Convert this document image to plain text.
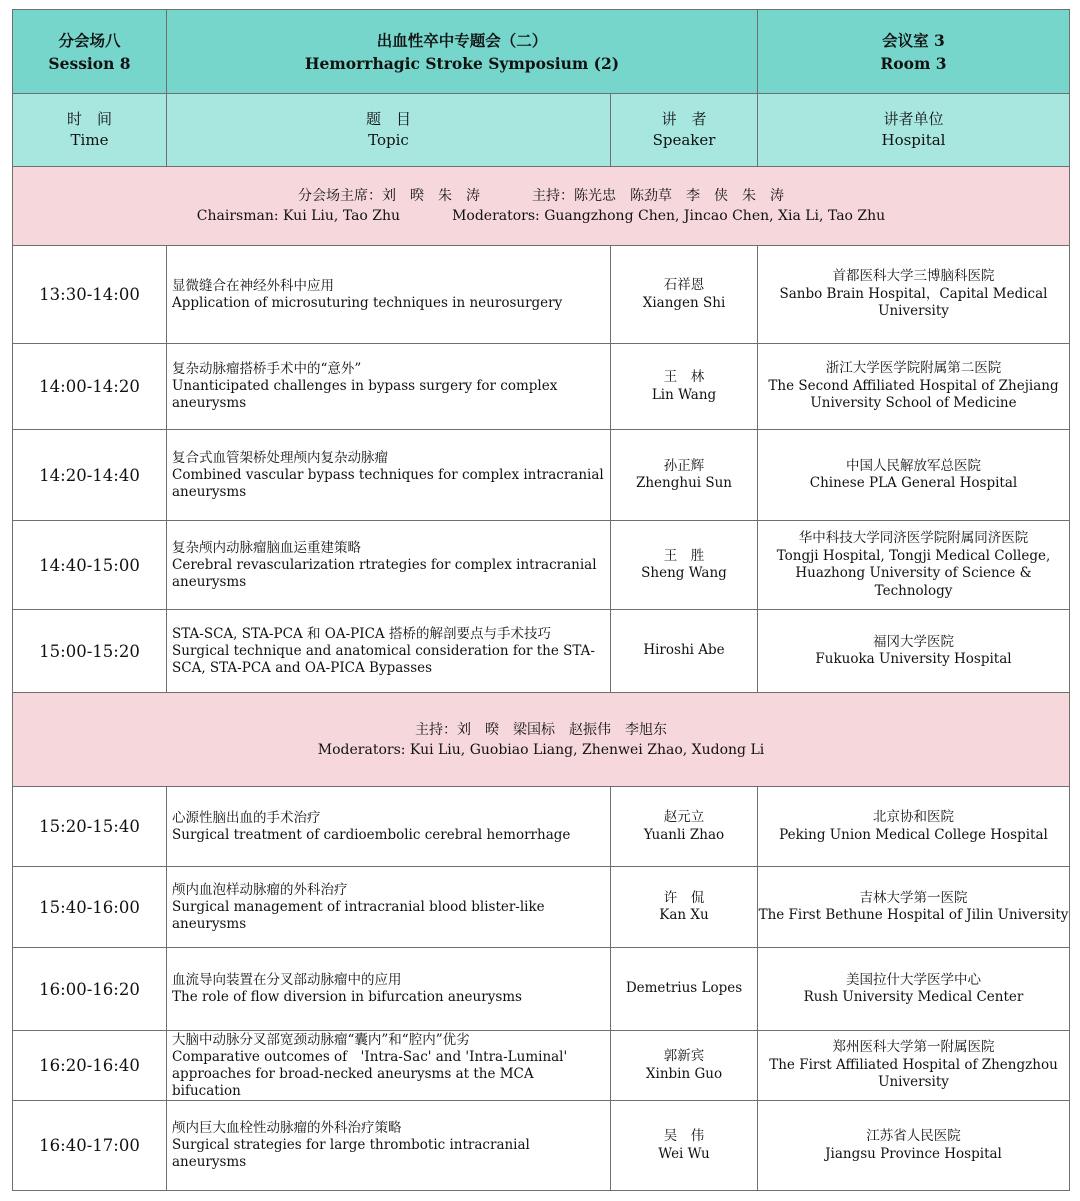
分会场八
Session 8	出血性卒中专题会（二）
Hemorrhagic Stroke Symposium (2)		会议室 3
Room 3

时　间
Time	题　目
Topic	讲　者
Speaker	讲者单位
Hospital

分会场主席：刘　暌　朱　涛 主持：陈光忠　陈劲草　李　侠　朱　涛
Chairsman: Kui Liu, Tao Zhu Moderators: Guangzhong Chen, Jincao Chen, Xia Li, Tao Zhu			

13:30-14:00	显微缝合在神经外科中应用
Application of microsuturing techniques in neurosurgery	石祥恩
Xiangen Shi	首都医科大学三博脑科医院
Sanbo Brain Hospital，Capital Medical University

14:00-14:20	复杂动脉瘤搭桥手术中的“意外”
Unanticipated challenges in bypass surgery for complex aneurysms	王　林
Lin Wang	浙江大学医学院附属第二医院
The Second Affiliated Hospital of Zhejiang University School of Medicine

14:20-14:40	复合式血管架桥处理颅内复杂动脉瘤
Combined vascular bypass techniques for complex intracranial aneurysms	孙正辉
Zhenghui Sun	中国人民解放军总医院
Chinese PLA General Hospital

14:40-15:00	复杂颅内动脉瘤脑血运重建策略
Cerebral revascularization rtrategies for complex intracranial aneurysms	王　胜
Sheng Wang	华中科技大学同济医学院附属同济医院
Tongji Hospital, Tongji Medical College, Huazhong University of Science & Technology

15:00-15:20	STA-SCA, STA-PCA 和 OA-PICA 搭桥的解剖要点与手术技巧
Surgical technique and anatomical consideration for the STA-SCA, STA-PCA and OA-PICA Bypasses	Hiroshi Abe	福冈大学医院
Fukuoka University Hospital

主持：刘　暌　梁国标　赵振伟　李旭东
Moderators: Kui Liu, Guobiao Liang, Zhenwei Zhao, Xudong Li			

15:20-15:40	心源性脑出血的手术治疗
Surgical treatment of cardioembolic cerebral hemorrhage	赵元立
Yuanli Zhao	北京协和医院
Peking Union Medical College Hospital

15:40-16:00	颅内血泡样动脉瘤的外科治疗
Surgical management of intracranial blood blister-like aneurysms	许　侃
Kan Xu	吉林大学第一医院
The First Bethune Hospital of Jilin University

16:00-16:20	血流导向装置在分叉部动脉瘤中的应用
The role of flow diversion in bifurcation aneurysms	Demetrius Lopes	美国拉什大学医学中心
Rush University Medical Center

16:20-16:40	大脑中动脉分叉部宽颈动脉瘤“囊内”和“腔内”优劣
Comparative outcomes of　'Intra-Sac' and 'Intra-Luminal' approaches for broad-necked aneurysms at the MCA bifucation	郭新宾
Xinbin Guo	郑州医科大学第一附属医院
The First Affiliated Hospital of Zhengzhou University

16:40-17:00	颅内巨大血栓性动脉瘤的外科治疗策略
Surgical strategies for large thrombotic intracranial aneurysms	吴　伟
Wei Wu	江苏省人民医院
Jiangsu Province Hospital
